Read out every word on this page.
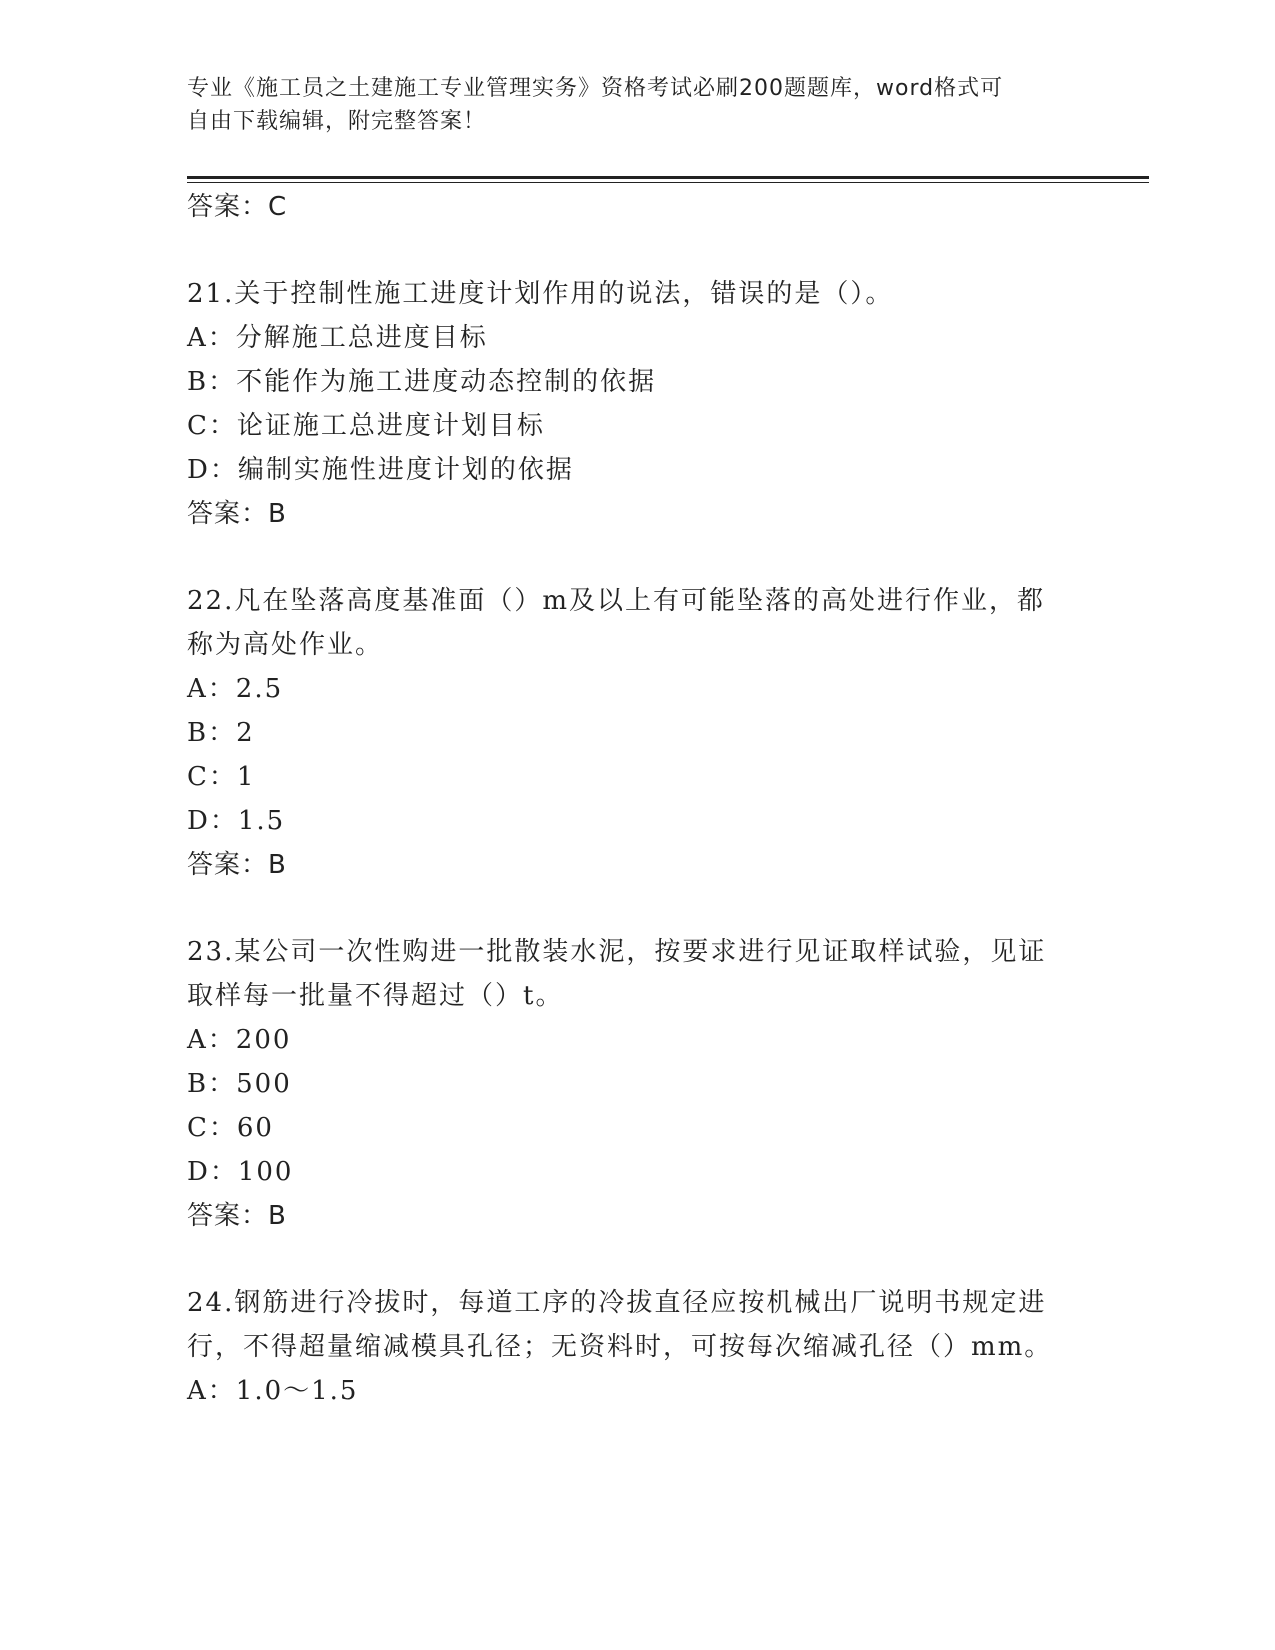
专业《施工员之土建施工专业管理实务》资格考试必刷200题题库，word格式可
自由下载编辑，附完整答案！
答案：C
21.关于控制性施工进度计划作用的说法，错误的是（）。
A：分解施工总进度目标
B：不能作为施工进度动态控制的依据
C：论证施工总进度计划目标
D：编制实施性进度计划的依据
答案：B
22.凡在坠落高度基准面（）m及以上有可能坠落的高处进行作业，都
称为高处作业。
A：2.5
B：2
C：1
D：1.5
答案：B
23.某公司一次性购进一批散装水泥，按要求进行见证取样试验，见证
取样每一批量不得超过（）t。
A：200
B：500
C：60
D：100
答案：B
24.钢筋进行冷拔时，每道工序的冷拔直径应按机械出厂说明书规定进
行，不得超量缩减模具孔径；无资料时，可按每次缩减孔径（）mm。
A：1.0～1.5
